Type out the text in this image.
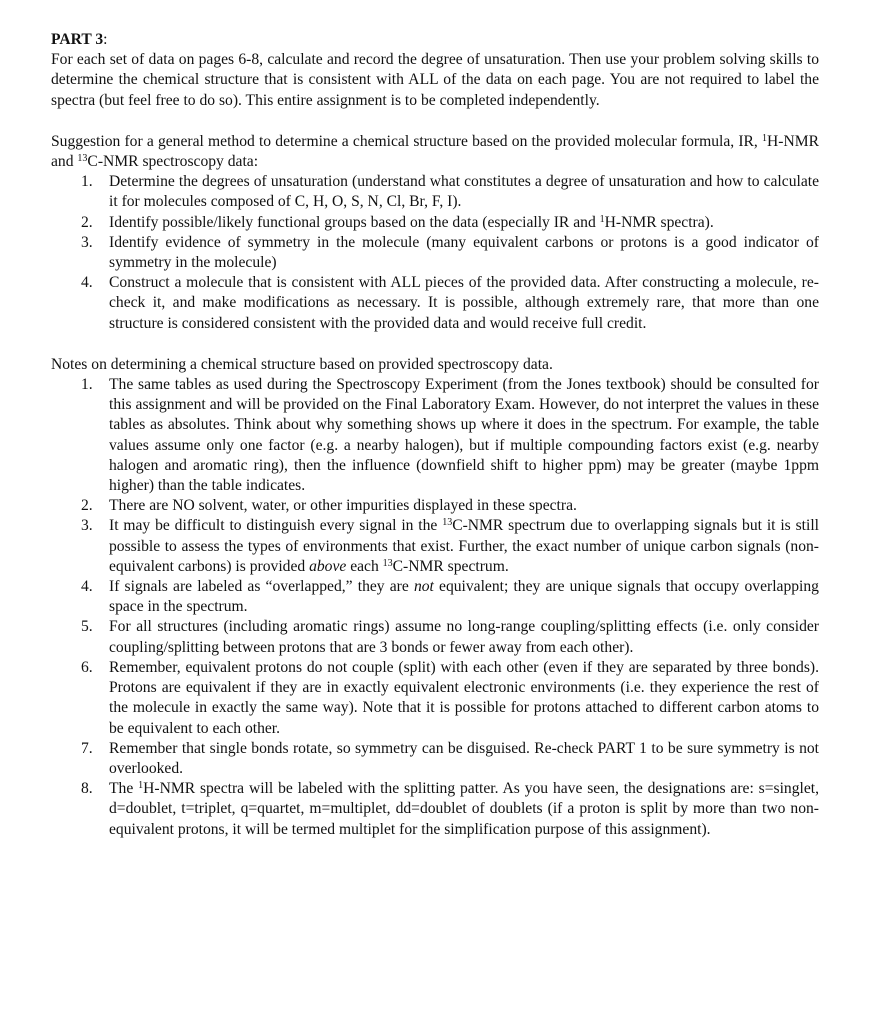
PART 3:

For each set of data on pages 6-8, calculate and record the degree of unsaturation. Then use your problem solving skills to determine the chemical structure that is consistent with ALL of the data on each page. You are not required to label the spectra (but feel free to do so). This entire assignment is to be completed independently.

Suggestion for a general method to determine a chemical structure based on the provided molecular formula, IR, $^1$H-NMR and $^{13}$C-NMR spectroscopy data:

1. Determine the degrees of unsaturation (understand what constitutes a degree of unsaturation and how to calculate it for molecules composed of C, H, O, S, N, Cl, Br, F, I).
2. Identify possible/likely functional groups based on the data (especially IR and $^1$H-NMR spectra).
3. Identify evidence of symmetry in the molecule (many equivalent carbons or protons is a good indicator of symmetry in the molecule)
4. Construct a molecule that is consistent with ALL pieces of the provided data. After constructing a molecule, re-check it, and make modifications as necessary. It is possible, although extremely rare, that more than one structure is considered consistent with the provided data and would receive full credit.

Notes on determining a chemical structure based on provided spectroscopy data.

1. The same tables as used during the Spectroscopy Experiment (from the Jones textbook) should be consulted for this assignment and will be provided on the Final Laboratory Exam. However, do not interpret the values in these tables as absolutes. Think about why something shows up where it does in the spectrum. For example, the table values assume only one factor (e.g. a nearby halogen), but if multiple compounding factors exist (e.g. nearby halogen and aromatic ring), then the influence (downfield shift to higher ppm) may be greater (maybe 1ppm higher) than the table indicates.
2. There are NO solvent, water, or other impurities displayed in these spectra.
3. It may be difficult to distinguish every signal in the $^{13}$C-NMR spectrum due to overlapping signals but it is still possible to assess the types of environments that exist. Further, the exact number of unique carbon signals (non-equivalent carbons) is provided above each $^{13}$C-NMR spectrum.
4. If signals are labeled as “overlapped,” they are not equivalent; they are unique signals that occupy overlapping space in the spectrum.
5. For all structures (including aromatic rings) assume no long-range coupling/splitting effects (i.e. only consider coupling/splitting between protons that are 3 bonds or fewer away from each other).
6. Remember, equivalent protons do not couple (split) with each other (even if they are separated by three bonds). Protons are equivalent if they are in exactly equivalent electronic environments (i.e. they experience the rest of the molecule in exactly the same way). Note that it is possible for protons attached to different carbon atoms to be equivalent to each other.
7. Remember that single bonds rotate, so symmetry can be disguised. Re-check PART 1 to be sure symmetry is not overlooked.
8. The $^1$H-NMR spectra will be labeled with the splitting patter. As you have seen, the designations are: s=singlet, d=doublet, t=triplet, q=quartet, m=multiplet, dd=doublet of doublets (if a proton is split by more than two non-equivalent protons, it will be termed multiplet for the simplification purpose of this assignment).
